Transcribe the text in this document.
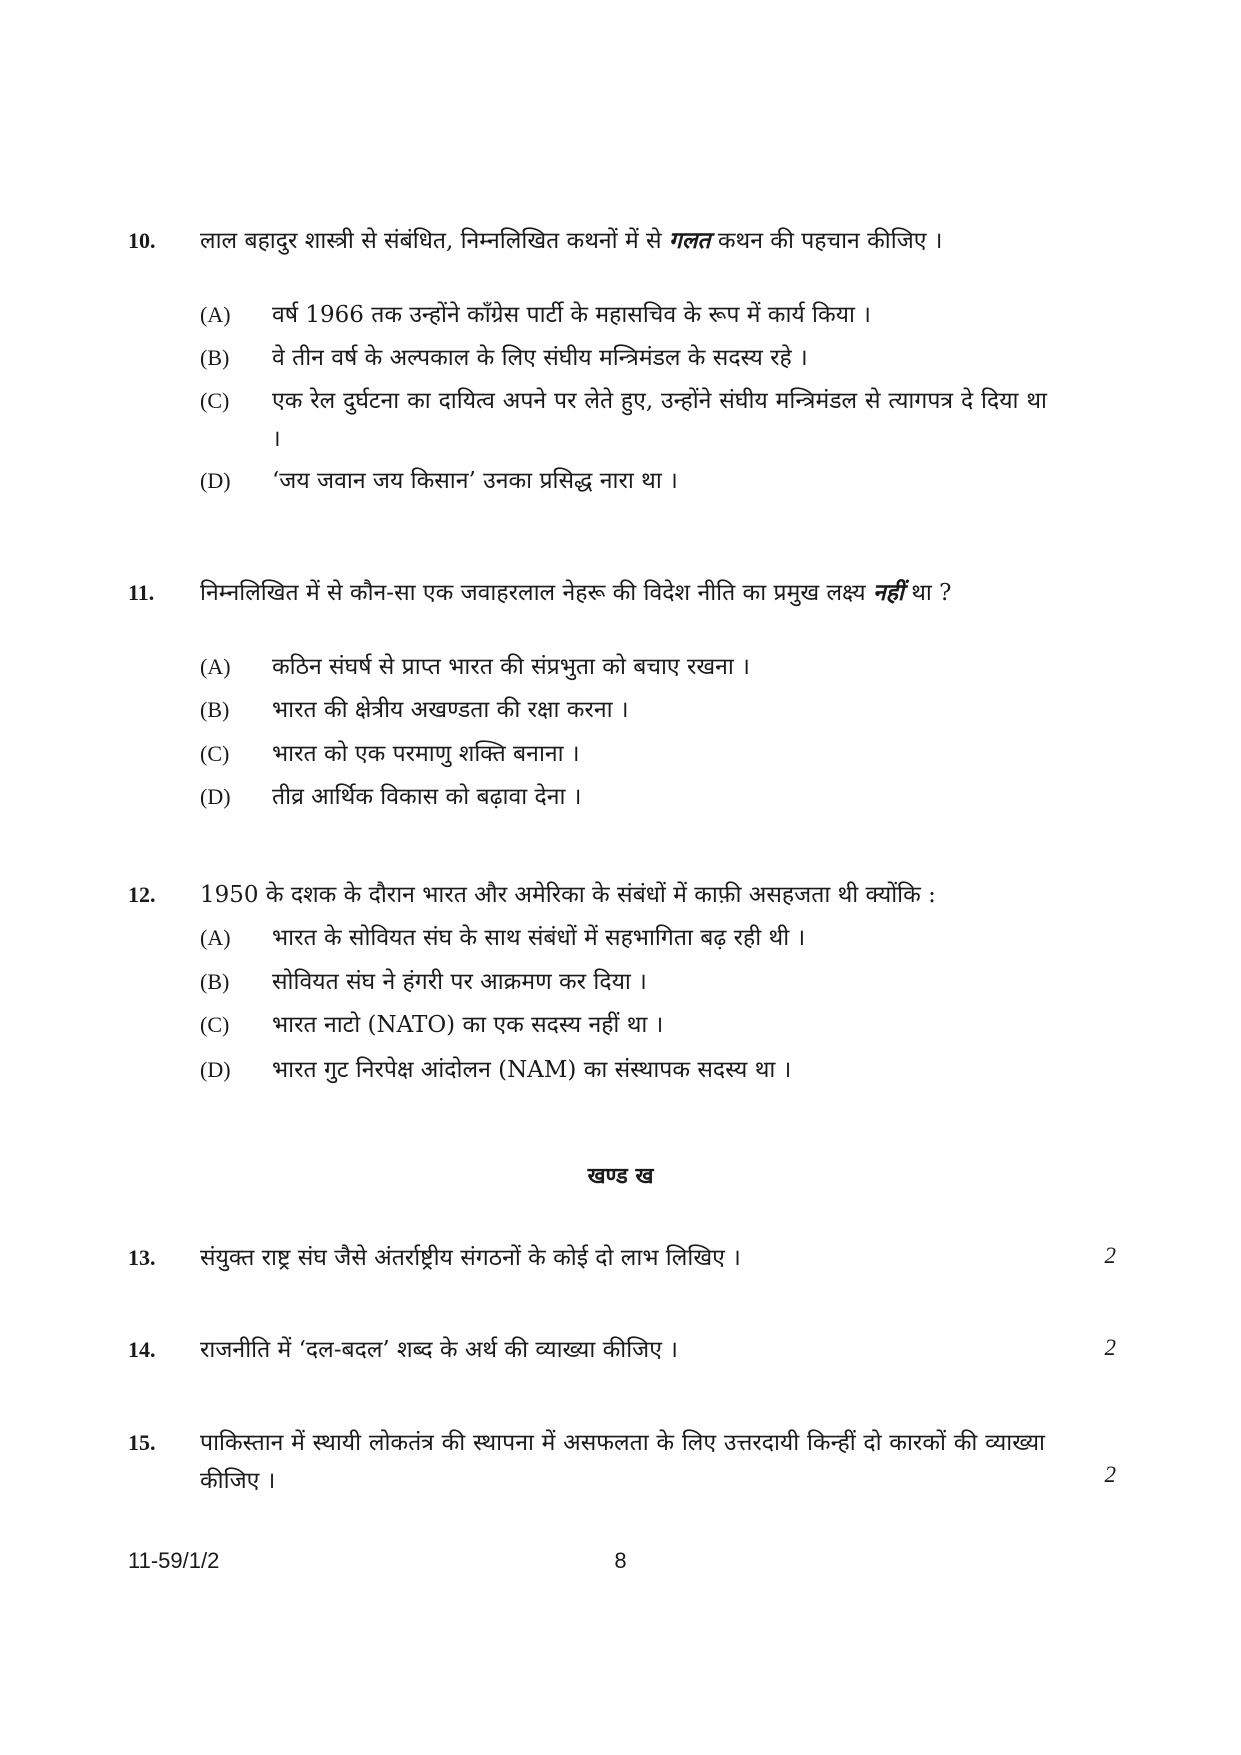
10. लाल बहादुर शास्त्री से संबंधित, निम्नलिखित कथनों में से गलत कथन की पहचान कीजिए ।
(A) वर्ष 1966 तक उन्होंने काँग्रेस पार्टी के महासचिव के रूप में कार्य किया ।
(B) वे तीन वर्ष के अल्पकाल के लिए संघीय मन्त्रिमंडल के सदस्य रहे ।
(C) एक रेल दुर्घटना का दायित्व अपने पर लेते हुए, उन्होंने संघीय मन्त्रिमंडल से त्यागपत्र दे दिया था ।
(D) ‘जय जवान जय किसान’ उनका प्रसिद्ध नारा था ।
11. निम्नलिखित में से कौन-सा एक जवाहरलाल नेहरू की विदेश नीति का प्रमुख लक्ष्य नहीं था ?
(A) कठिन संघर्ष से प्राप्त भारत की संप्रभुता को बचाए रखना ।
(B) भारत की क्षेत्रीय अखण्डता की रक्षा करना ।
(C) भारत को एक परमाणु शक्ति बनाना ।
(D) तीव्र आर्थिक विकास को बढ़ावा देना ।
12. 1950 के दशक के दौरान भारत और अमेरिका के संबंधों में काफ़ी असहजता थी क्योंकि :
(A) भारत के सोवियत संघ के साथ संबंधों में सहभागिता बढ़ रही थी ।
(B) सोवियत संघ ने हंगरी पर आक्रमण कर दिया ।
(C) भारत नाटो (NATO) का एक सदस्य नहीं था ।
(D) भारत गुट निरपेक्ष आंदोलन (NAM) का संस्थापक सदस्य था ।
खण्ड ख
13. संयुक्त राष्ट्र संघ जैसे अंतर्राष्ट्रीय संगठनों के कोई दो लाभ लिखिए ।	2
14. राजनीति में ‘दल-बदल’ शब्द के अर्थ की व्याख्या कीजिए ।	2
15. पाकिस्तान में स्थायी लोकतंत्र की स्थापना में असफलता के लिए उत्तरदायी किन्हीं दो कारकों की व्याख्या कीजिए ।	2
11-59/1/2	8
